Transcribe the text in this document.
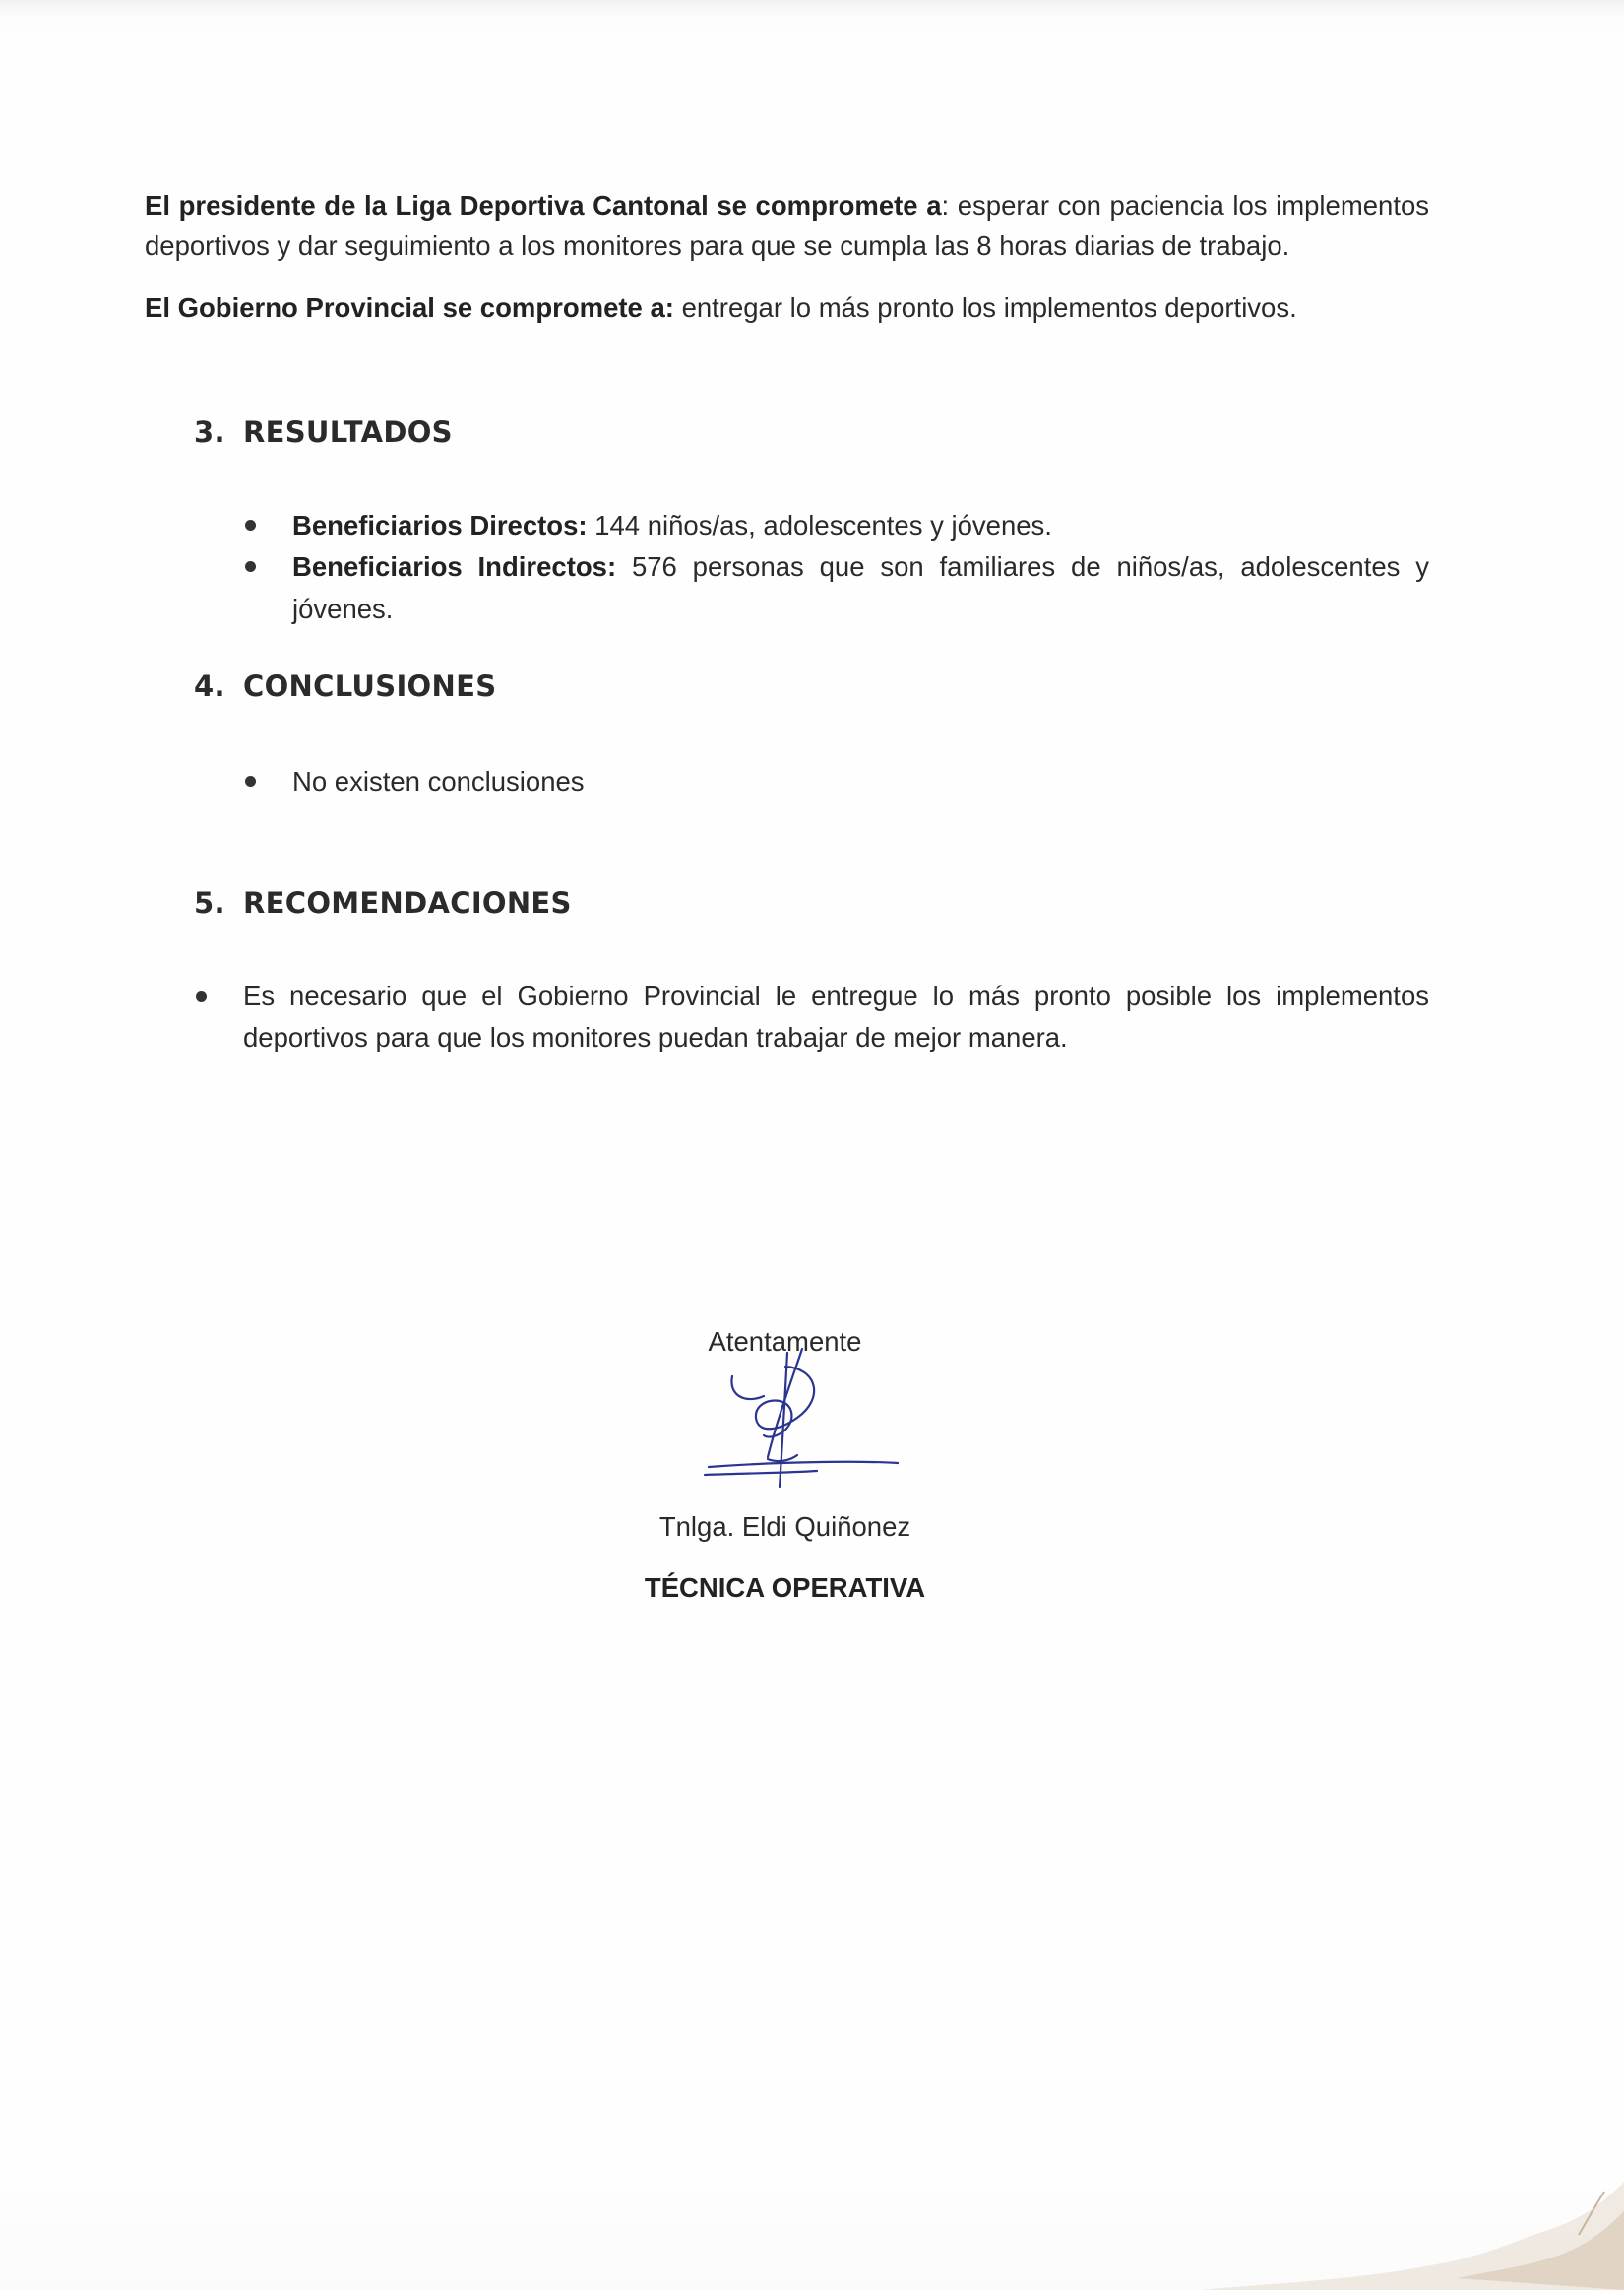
El presidente de la Liga Deportiva Cantonal se compromete a: esperar con paciencia los implementos deportivos y dar seguimiento a los monitores para que se cumpla las 8 horas diarias de trabajo.

El Gobierno Provincial se compromete a: entregar lo más pronto los implementos deportivos.

3. RESULTADOS
Beneficiarios Directos: 144 niños/as, adolescentes y jóvenes.
Beneficiarios Indirectos: 576 personas que son familiares de niños/as, adolescentes y jóvenes.
4. CONCLUSIONES
No existen conclusiones
5. RECOMENDACIONES
Es necesario que el Gobierno Provincial le entregue lo más pronto posible los implementos deportivos para que los monitores puedan trabajar de mejor manera.

Atentamente

Tnlga. Eldi Quiñonez

TÉCNICA OPERATIVA
